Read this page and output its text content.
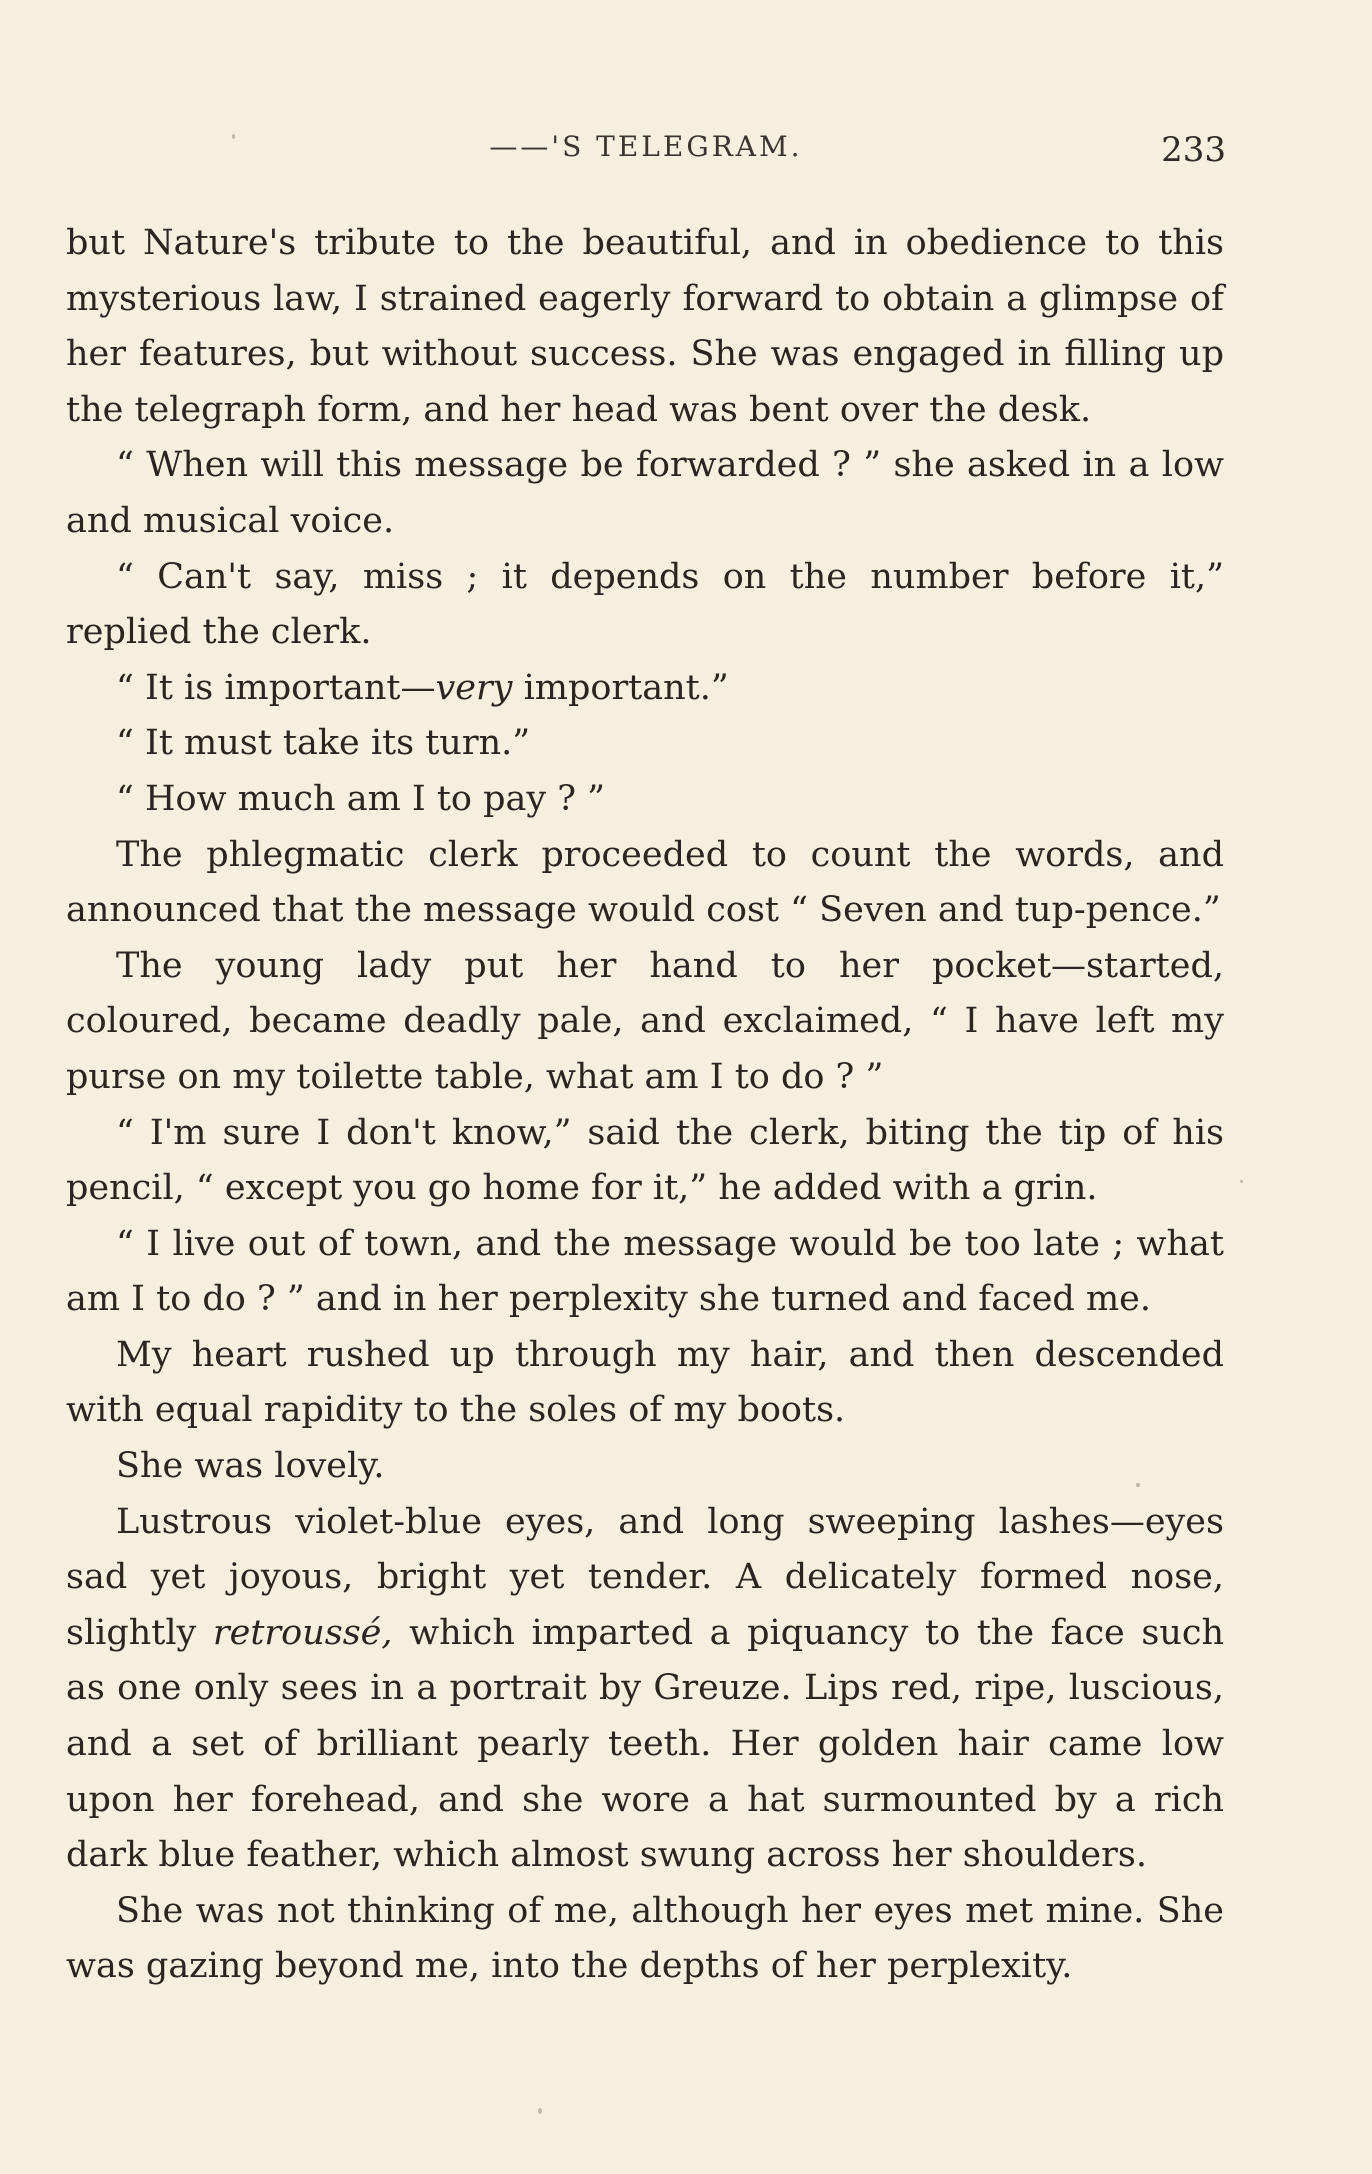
——'S TELEGRAM.	233

but Nature's tribute to the beautiful, and in obedience to this mysterious law, I strained eagerly forward to obtain a glimpse of her features, but without success. She was engaged in filling up the telegraph form, and her head was bent over the desk.

“ When will this message be forwarded ? ” she asked in a low and musical voice.

“ Can't say, miss ; it depends on the number before it,” replied the clerk.

“ It is important—very important.”

“ It must take its turn.”

“ How much am I to pay ? ”

The phlegmatic clerk proceeded to count the words, and announced that the message would cost “ Seven and tup-pence.”

The young lady put her hand to her pocket—started, coloured, became deadly pale, and exclaimed, “ I have left my purse on my toilette table, what am I to do ? ”

“ I'm sure I don't know,” said the clerk, biting the tip of his pencil, “ except you go home for it,” he added with a grin.

“ I live out of town, and the message would be too late ; what am I to do ? ” and in her perplexity she turned and faced me.

My heart rushed up through my hair, and then descended with equal rapidity to the soles of my boots.

She was lovely.

Lustrous violet-blue eyes, and long sweeping lashes—eyes sad yet joyous, bright yet tender. A delicately formed nose, slightly retroussé, which imparted a piquancy to the face such as one only sees in a portrait by Greuze. Lips red, ripe, luscious, and a set of brilliant pearly teeth. Her golden hair came low upon her forehead, and she wore a hat surmounted by a rich dark blue feather, which almost swung across her shoulders.

She was not thinking of me, although her eyes met mine. She was gazing beyond me, into the depths of her perplexity.
